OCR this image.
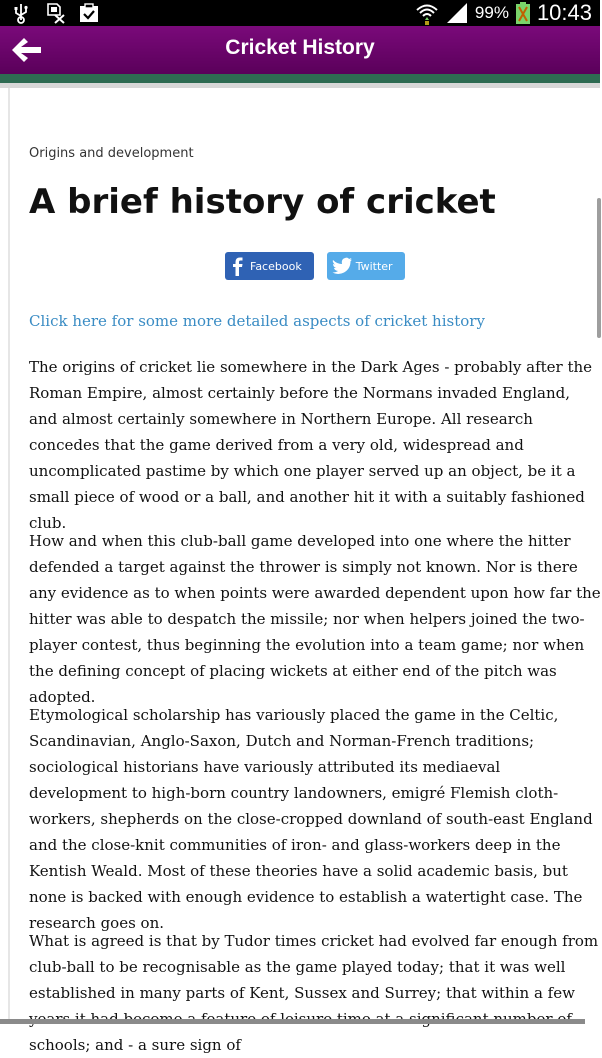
99% 10:43
Cricket History
Origins and development
A brief history of cricket
Facebook	Twitter
Click here for some more detailed aspects of cricket history

The origins of cricket lie somewhere in the Dark Ages - probably after the Roman Empire, almost certainly before the Normans invaded England, and almost certainly somewhere in Northern Europe. All research concedes that the game derived from a very old, widespread and uncomplicated pastime by which one player served up an object, be it a small piece of wood or a ball, and another hit it with a suitably fashioned club.

How and when this club-ball game developed into one where the hitter defended a target against the thrower is simply not known. Nor is there any evidence as to when points were awarded dependent upon how far the hitter was able to despatch the missile; nor when helpers joined the two-player contest, thus beginning the evolution into a team game; nor when the defining concept of placing wickets at either end of the pitch was adopted.

Etymological scholarship has variously placed the game in the Celtic, Scandinavian, Anglo-Saxon, Dutch and Norman-French traditions; sociological historians have variously attributed its mediaeval development to high-born country landowners, emigré Flemish cloth-workers, shepherds on the close-cropped downland of south-east England and the close-knit communities of iron- and glass-workers deep in the Kentish Weald. Most of these theories have a solid academic basis, but none is backed with enough evidence to establish a watertight case. The research goes on.

What is agreed is that by Tudor times cricket had evolved far enough from club-ball to be recognisable as the game played today; that it was well established in many parts of Kent, Sussex and Surrey; that within a few schools; and - a sure sign of
